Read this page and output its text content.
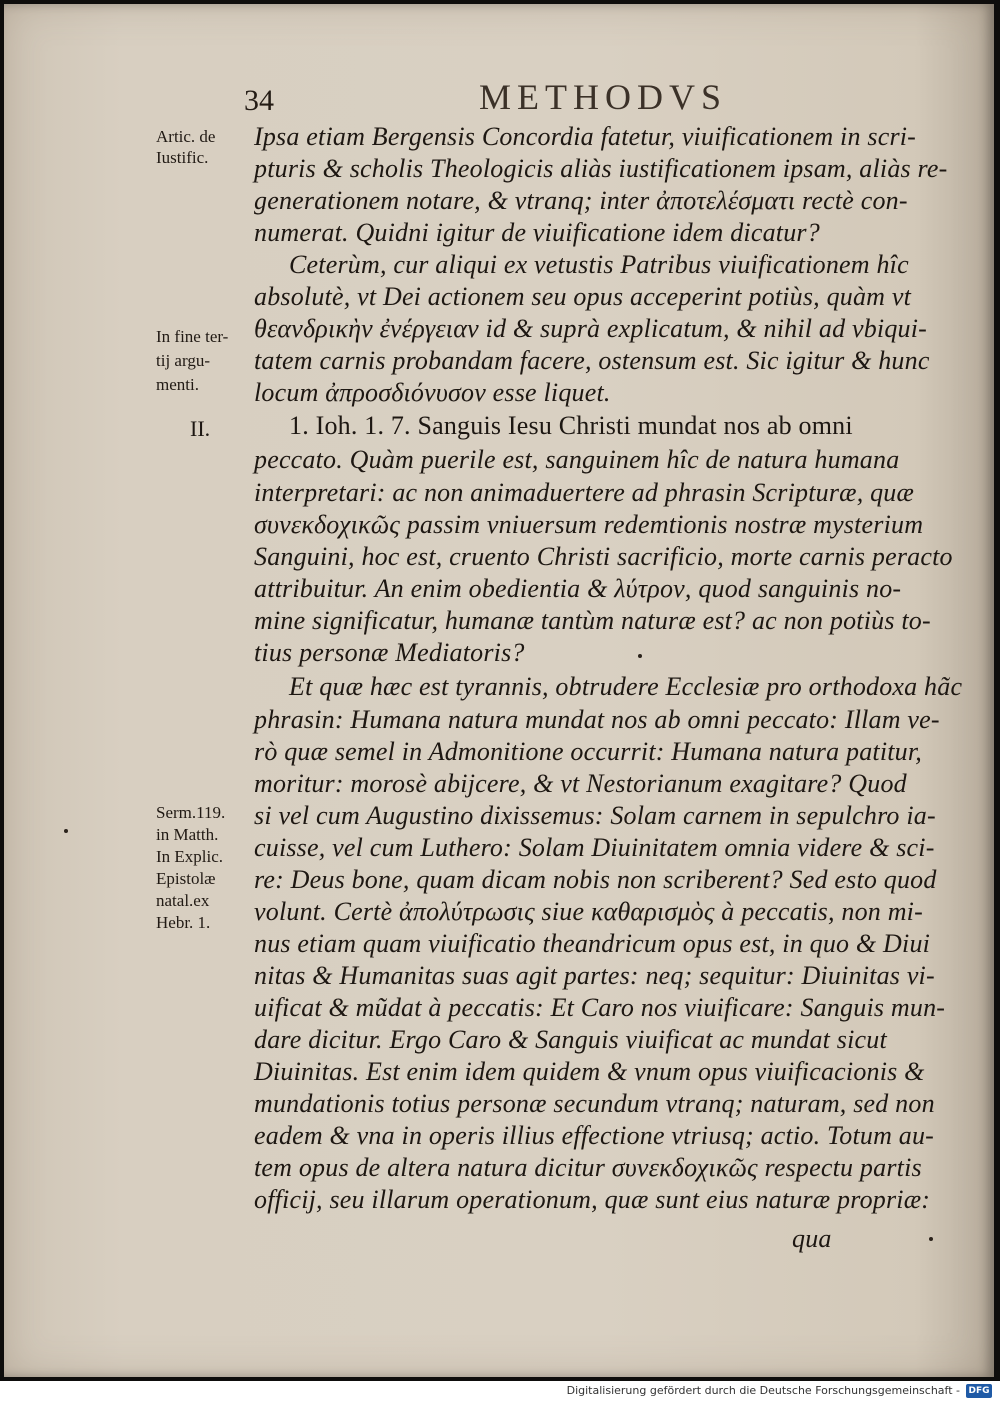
34	METHODVS
Artic. de Iustific.
In fine ter-
tij argu-
menti.
II.
Serm.119.
in Matth.
In Explic.
Epistolæ
natal.ex
Hebr. 1.
Ipsa etiam Bergensis Concordia fatetur, viuificationem in scri-
pturis & scholis Theologicis aliàs iustificationem ipsam, aliàs re-
generationem notare, & vtranq; inter ἀποτελέσματι rectè con-
numerat. Quidni igitur de viuificatione idem dicatur?
Ceterùm, cur aliqui ex vetustis Patribus viuificationem hîc
absolutè, vt Dei actionem seu opus acceperint potiùs, quàm vt
θεανδρικὴν ἐνέργειαν id & suprà explicatum, & nihil ad vbiqui-
tatem carnis probandam facere, ostensum est. Sic igitur & hunc
locum ἀπροσδιόνυσον esse liquet.
1. Ioh. 1. 7. Sanguis Iesu Christi mundat nos ab omni
peccato. Quàm puerile est, sanguinem hîc de natura humana
interpretari: ac non animaduertere ad phrasin Scripturæ, quæ
συνεκδοχικῶς passim vniuersum redemtionis nostræ mysterium
Sanguini, hoc est, cruento Christi sacrificio, morte carnis peracto
attribuitur. An enim obedientia & λύτρον, quod sanguinis no-
mine significatur, humanæ tantùm naturæ est? ac non potiùs to-
tius personæ Mediatoris?
Et quæ hæc est tyrannis, obtrudere Ecclesiæ pro orthodoxa hãc
phrasin: Humana natura mundat nos ab omni peccato: Illam ve-
rò quæ semel in Admonitione occurrit: Humana natura patitur,
moritur: morosè abijcere, & vt Nestorianum exagitare? Quod
si vel cum Augustino dixissemus: Solam carnem in sepulchro ia-
cuisse, vel cum Luthero: Solam Diuinitatem omnia videre & sci-
re: Deus bone, quam dicam nobis non scriberent? Sed esto quod
volunt. Certè ἀπολύτρωσις siue καθαρισμὸς à peccatis, non mi-
nus etiam quam viuificatio theandricum opus est, in quo & Diui
nitas & Humanitas suas agit partes: neq; sequitur: Diuinitas vi-
uificat & mũdat à peccatis: Et Caro nos viuificare: Sanguis mun-
dare dicitur. Ergo Caro & Sanguis viuificat ac mundat sicut
Diuinitas. Est enim idem quidem & vnum opus viuificacionis &
mundationis totius personæ secundum vtranq; naturam, sed non
eadem & vna in operis illius effectione vtriusq; actio. Totum au-
tem opus de altera natura dicitur συνεκδοχικῶς respectu partis
officij, seu illarum operationum, quæ sunt eius naturæ propriæ:
qua
Digitalisierung gefördert durch die Deutsche Forschungsgemeinschaft - DFG
